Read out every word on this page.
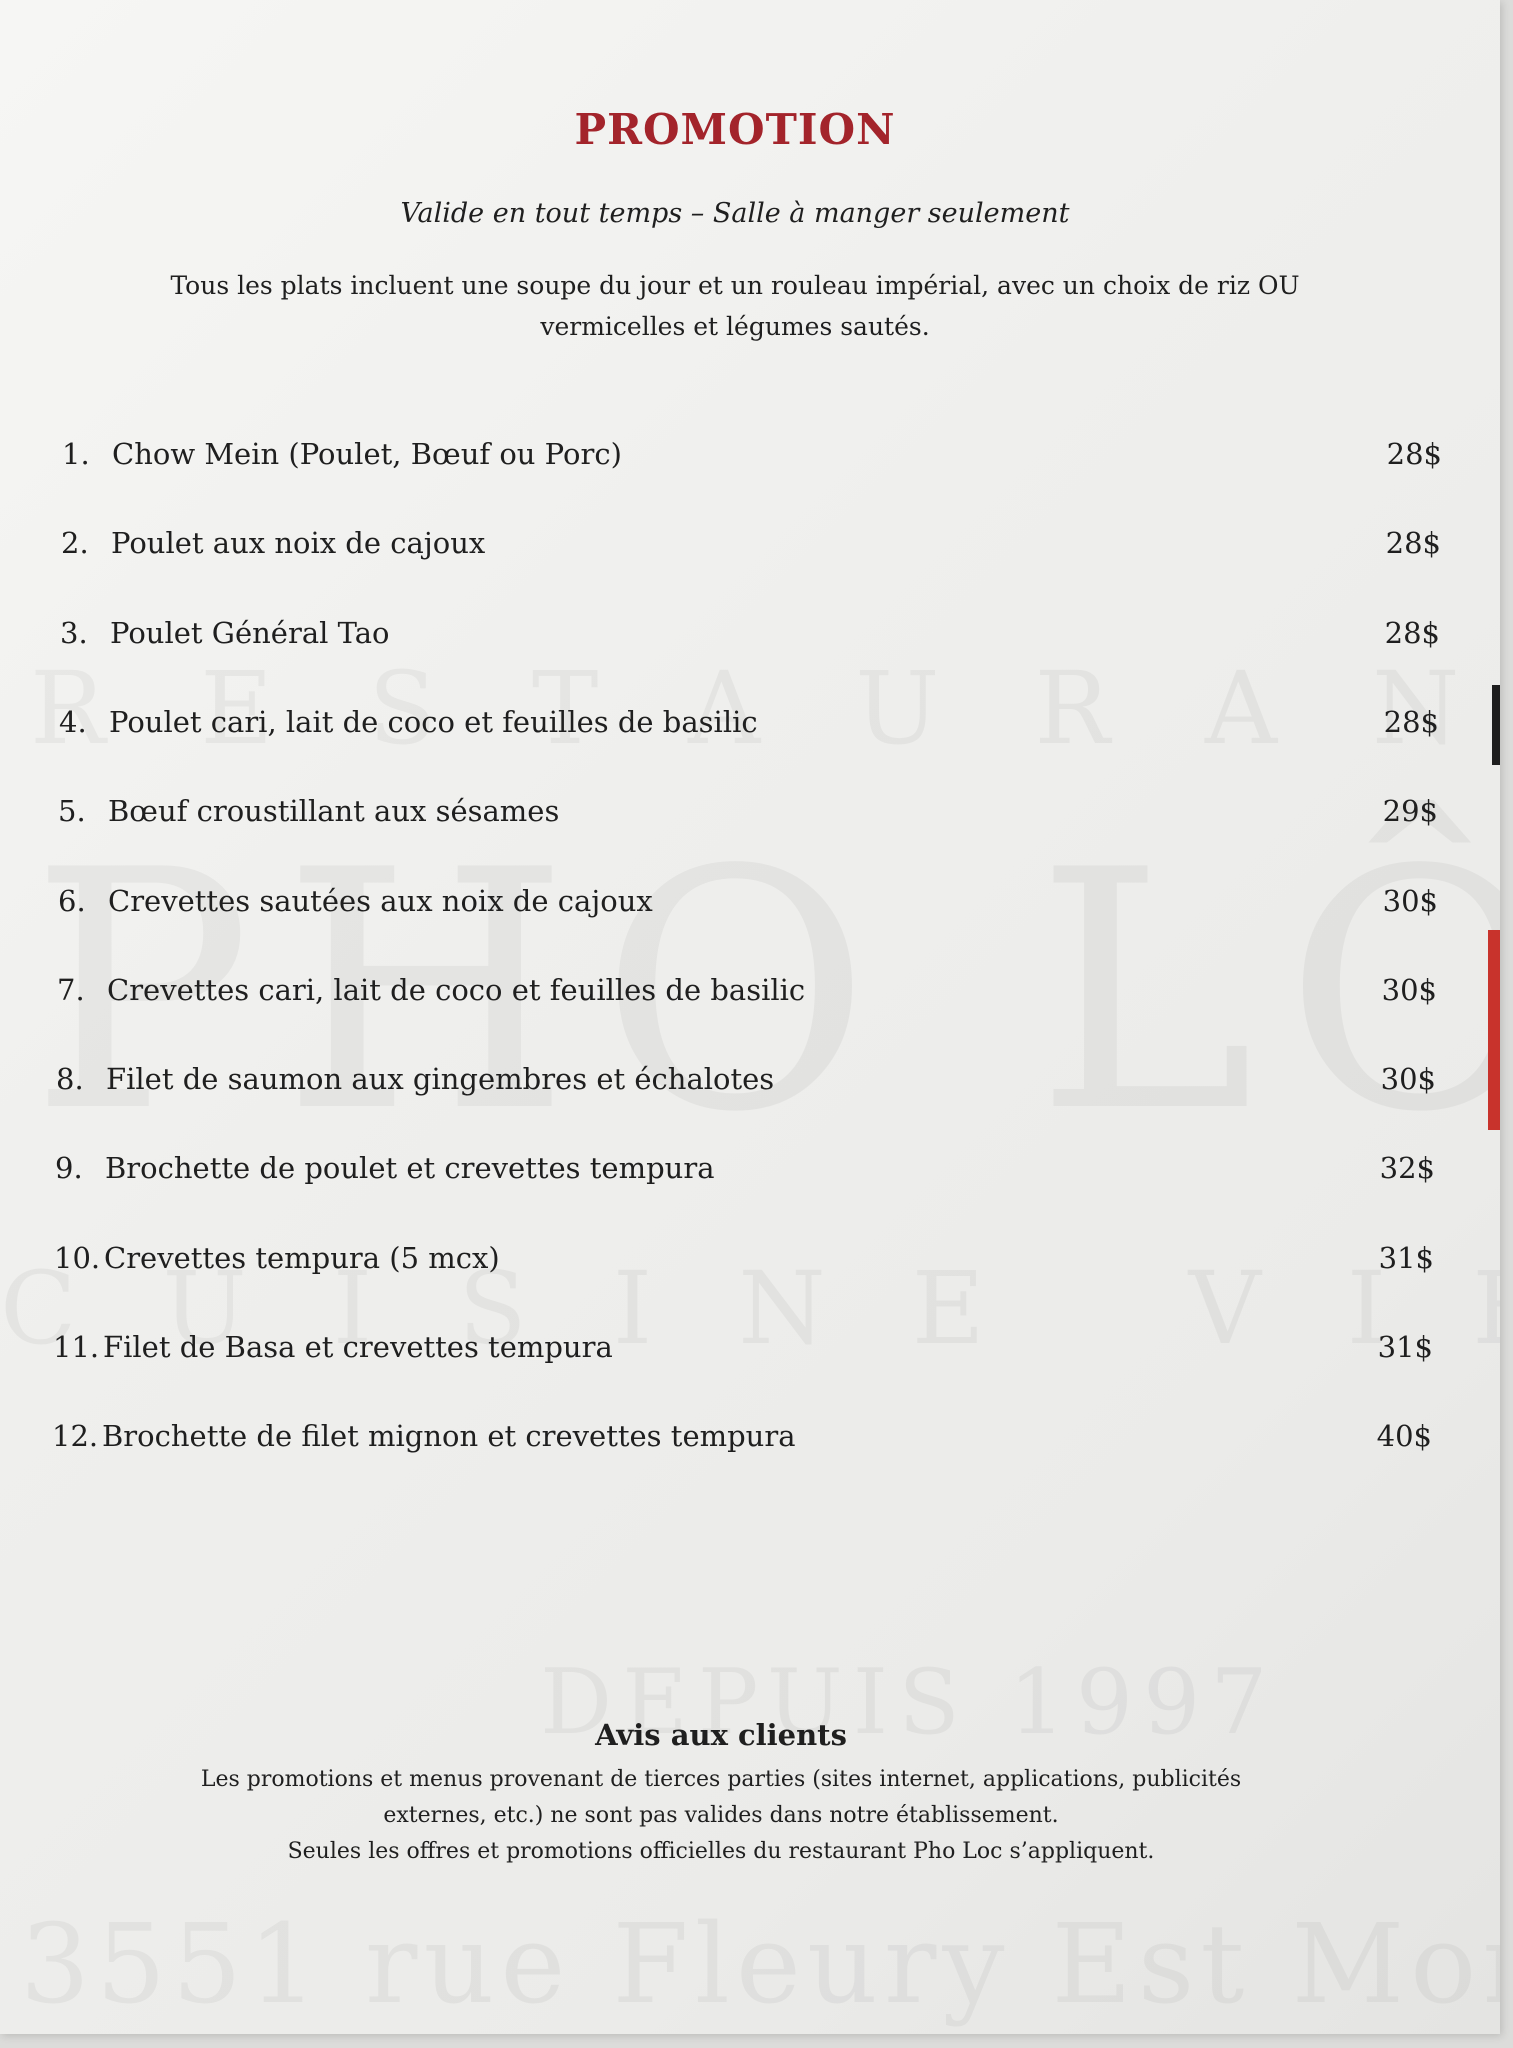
PROMOTION
Valide en tout temps – Salle à manger seulement
Tous les plats incluent une soupe du jour et un rouleau impérial, avec un choix de riz OU vermicelles et légumes sautés.
1. Chow Mein (Poulet, Bœuf ou Porc)	28$
2. Poulet aux noix de cajoux	28$
3. Poulet Général Tao	28$
4. Poulet cari, lait de coco et feuilles de basilic	28$
5. Bœuf croustillant aux sésames	29$
6. Crevettes sautées aux noix de cajoux	30$
7. Crevettes cari, lait de coco et feuilles de basilic	30$
8. Filet de saumon aux gingembres et échalotes	30$
9. Brochette de poulet et crevettes tempura	32$
10. Crevettes tempura (5 mcx)	31$
11. Filet de Basa et crevettes tempura	31$
12. Brochette de filet mignon et crevettes tempura	40$
Avis aux clients
Les promotions et menus provenant de tierces parties (sites internet, applications, publicités
externes, etc.) ne sont pas valides dans notre établissement.
Seules les offres et promotions officielles du restaurant Pho Loc s’appliquent.
